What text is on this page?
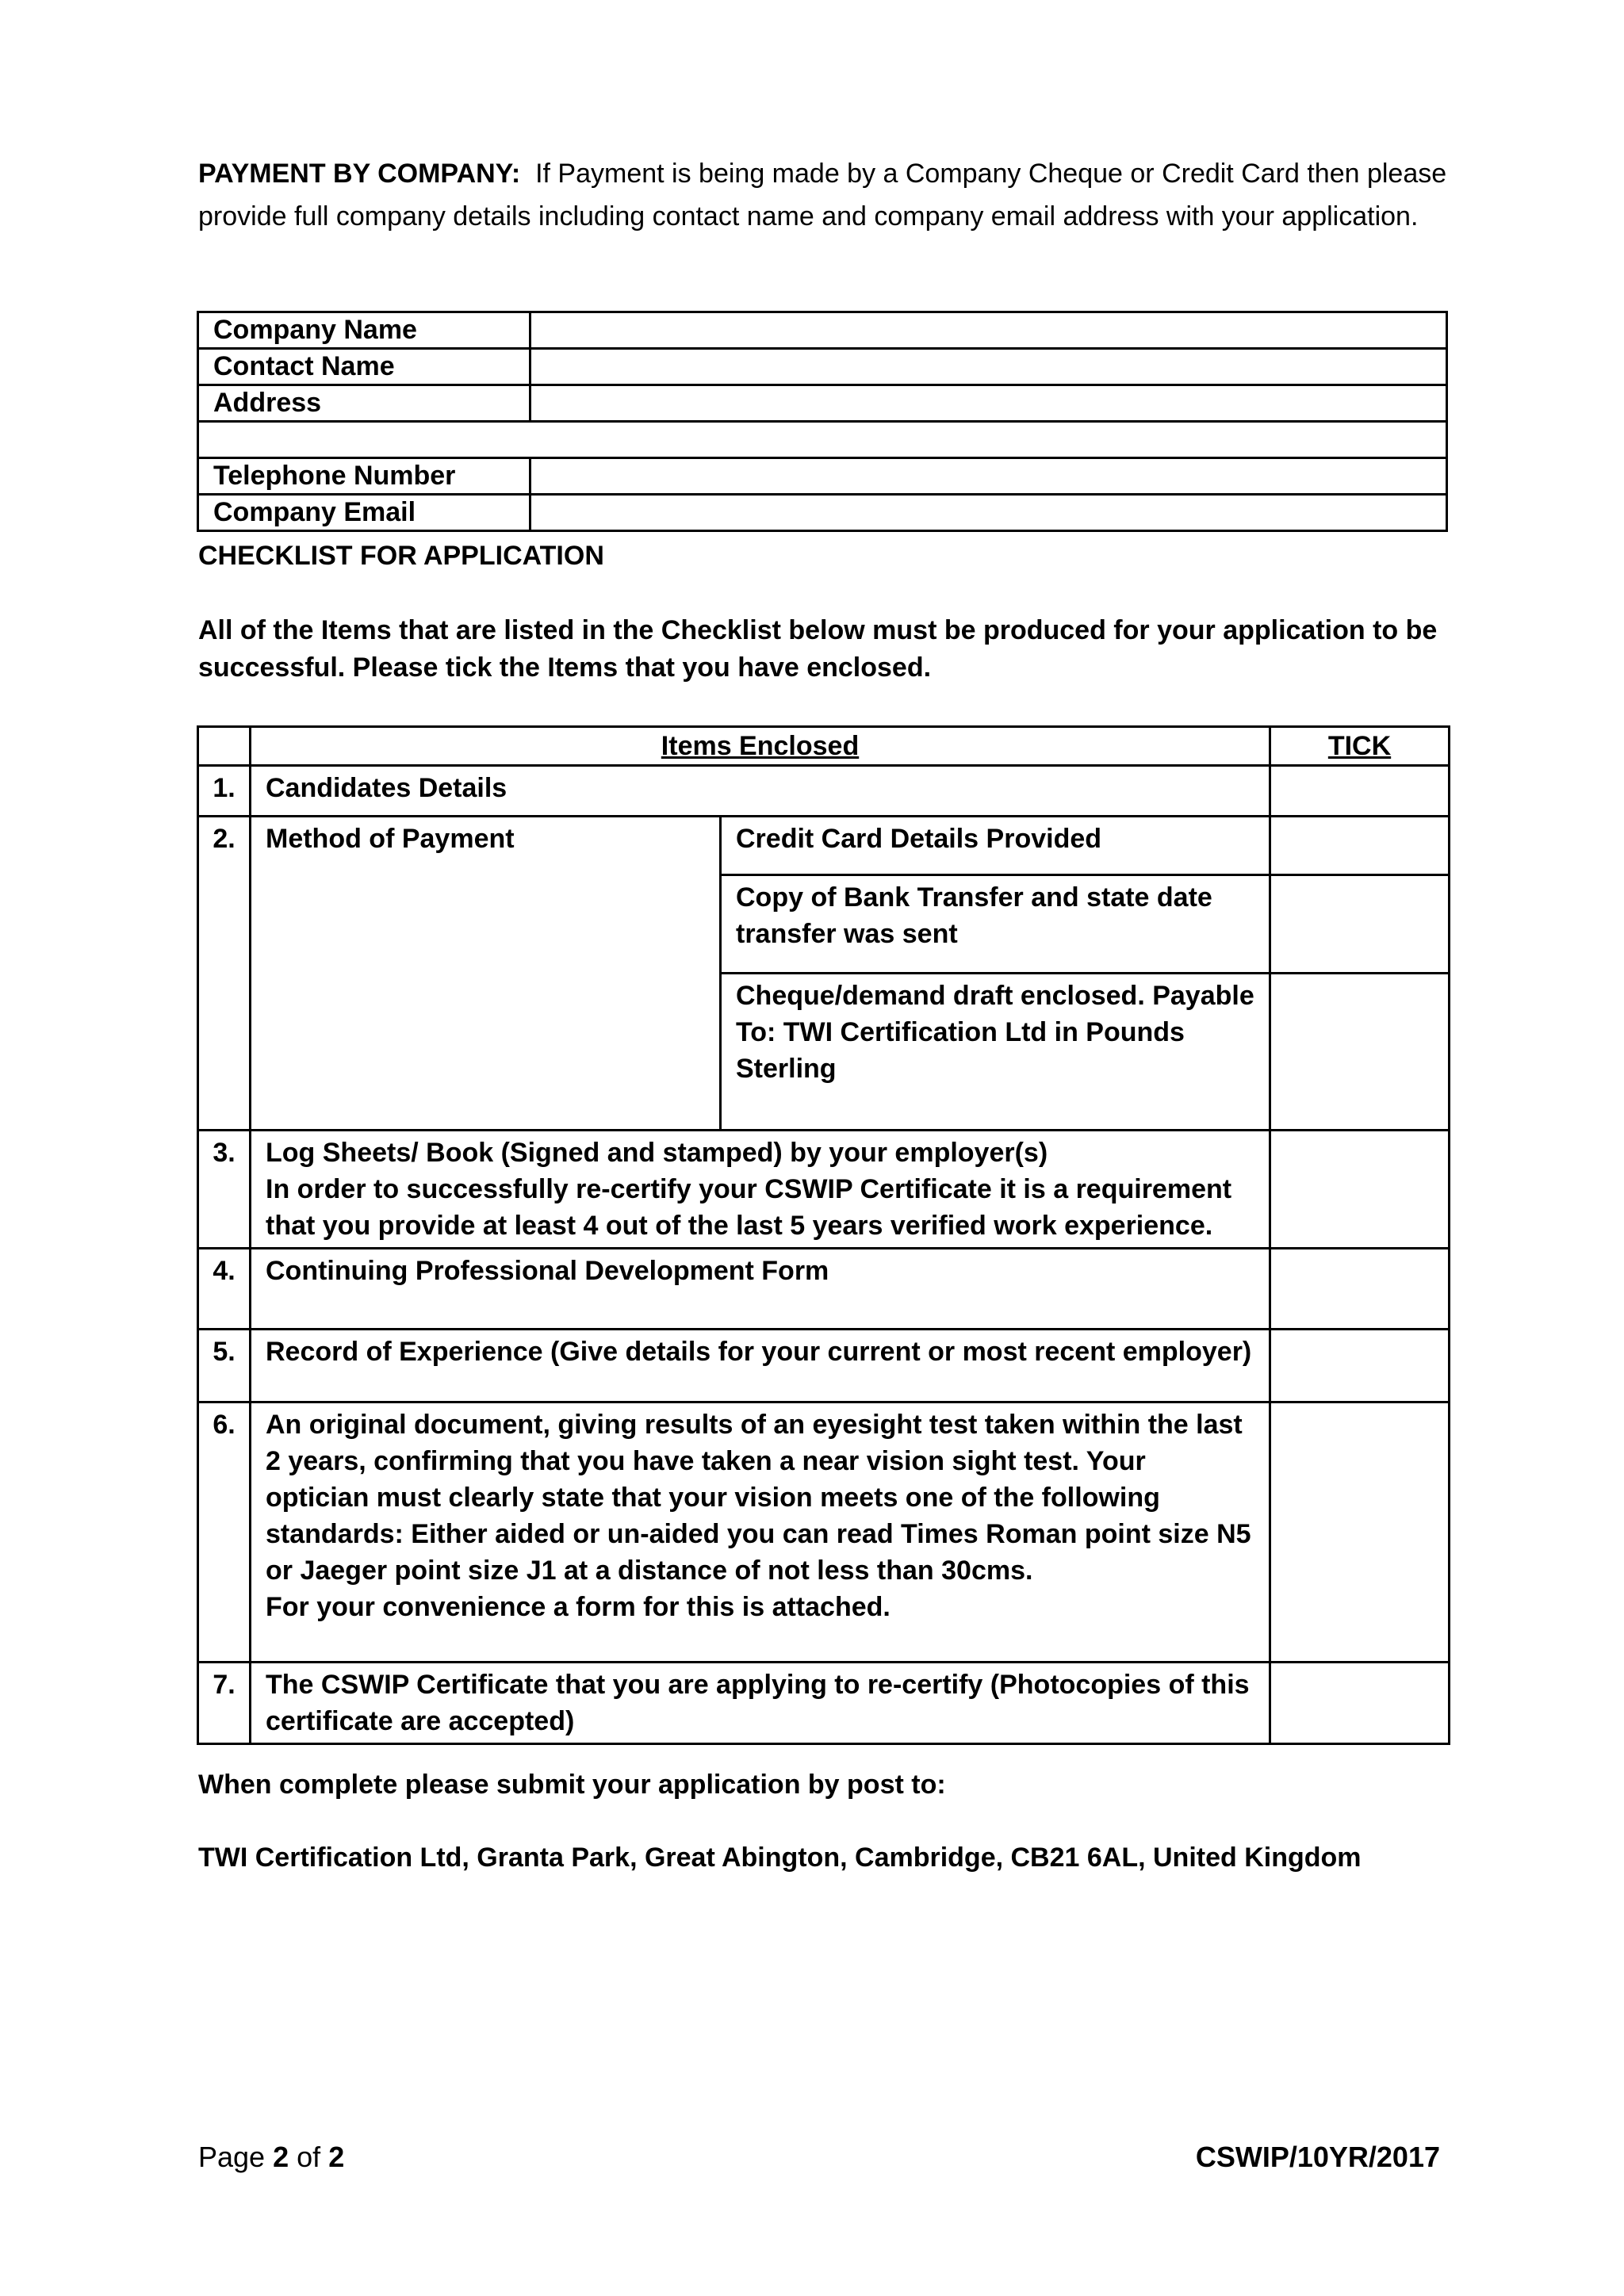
PAYMENT BY COMPANY: If Payment is being made by a Company Cheque or Credit Card then please provide full company details including contact name and company email address with your application.
Company Name	
Contact Name	
Address	

Telephone Number	
Company Email	
CHECKLIST FOR APPLICATION
All of the Items that are listed in the Checklist below must be produced for your application to be successful. Please tick the Items that you have enclosed.
	Items Enclosed		TICK
1.	Candidates Details		
2.	Method of Payment	Credit Card Details Provided	
		Copy of Bank Transfer and state date transfer was sent	
		Cheque/demand draft enclosed. Payable To: TWI Certification Ltd in Pounds Sterling	
3.	Log Sheets/ Book (Signed and stamped) by your employer(s)
In order to successfully re-certify your CSWIP Certificate it is a requirement that you provide at least 4 out of the last 5 years verified work experience.		

4.	Continuing Professional Development Form		
5.	Record of Experience (Give details for your current or most recent employer)		
6.	An original document, giving results of an eyesight test taken within the last 2 years, confirming that you have taken a near vision sight test. Your optician must clearly state that your vision meets one of the following standards: Either aided or un-aided you can read Times Roman point size N5 or Jaeger point size J1 at a distance of not less than 30cms.
For your convenience a form for this is attached.		

7.	The CSWIP Certificate that you are applying to re-certify (Photocopies of this certificate are accepted)		
When complete please submit your application by post to:
TWI Certification Ltd, Granta Park, Great Abington, Cambridge, CB21 6AL, United Kingdom
Page 2 of 2	CSWIP/10YR/2017
